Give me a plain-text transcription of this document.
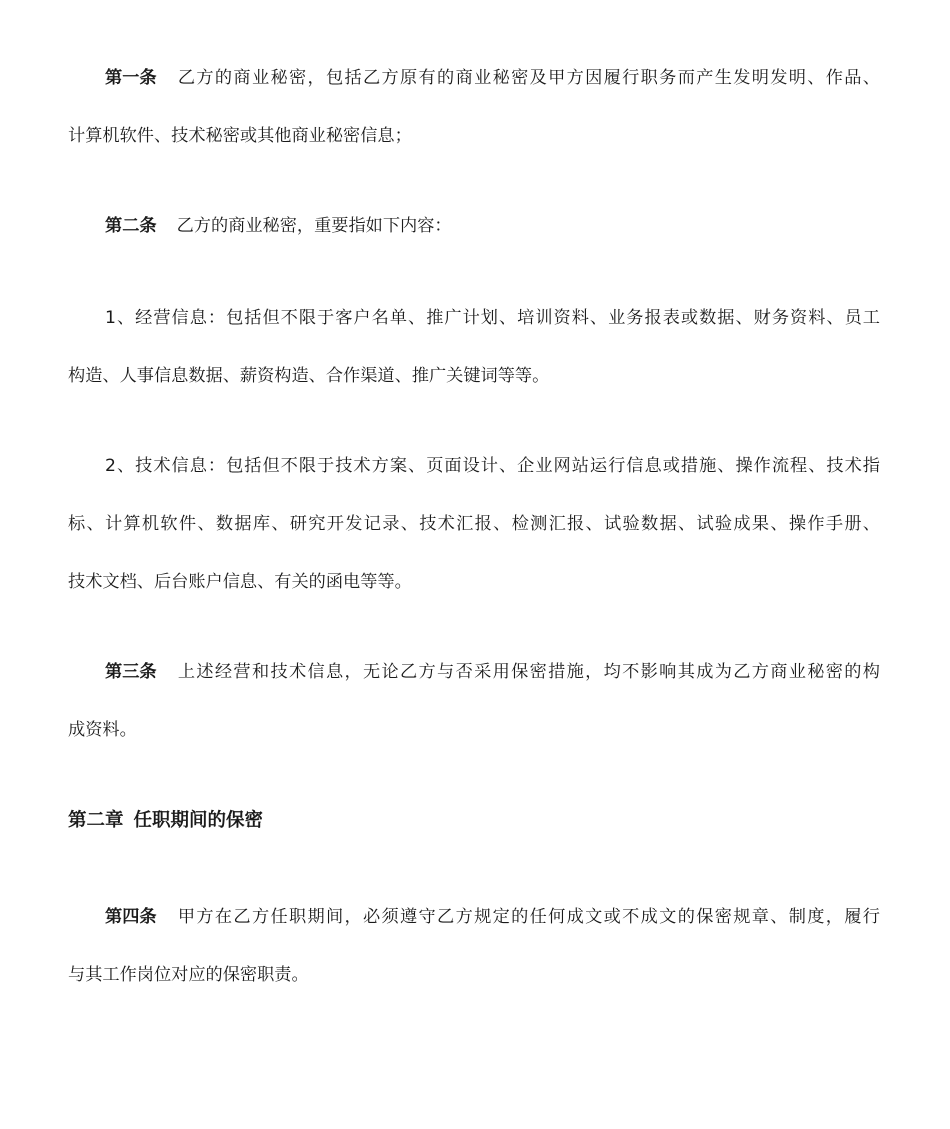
第一条 乙方的商业秘密，包括乙方原有的商业秘密及甲方因履行职务而产生发明发明、作品、
计算机软件、技术秘密或其他商业秘密信息；
第二条 乙方的商业秘密，重要指如下内容：
1、经营信息：包括但不限于客户名单、推广计划、培训资料、业务报表或数据、财务资料、员工
构造、人事信息数据、薪资构造、合作渠道、推广关键词等等。
2、技术信息：包括但不限于技术方案、页面设计、企业网站运行信息或措施、操作流程、技术指
标、计算机软件、数据库、研究开发记录、技术汇报、检测汇报、试验数据、试验成果、操作手册、
技术文档、后台账户信息、有关的函电等等。
第三条 上述经营和技术信息，无论乙方与否采用保密措施，均不影响其成为乙方商业秘密的构
成资料。
第二章 任职期间的保密
第四条 甲方在乙方任职期间，必须遵守乙方规定的任何成文或不成文的保密规章、制度，履行
与其工作岗位对应的保密职责。
